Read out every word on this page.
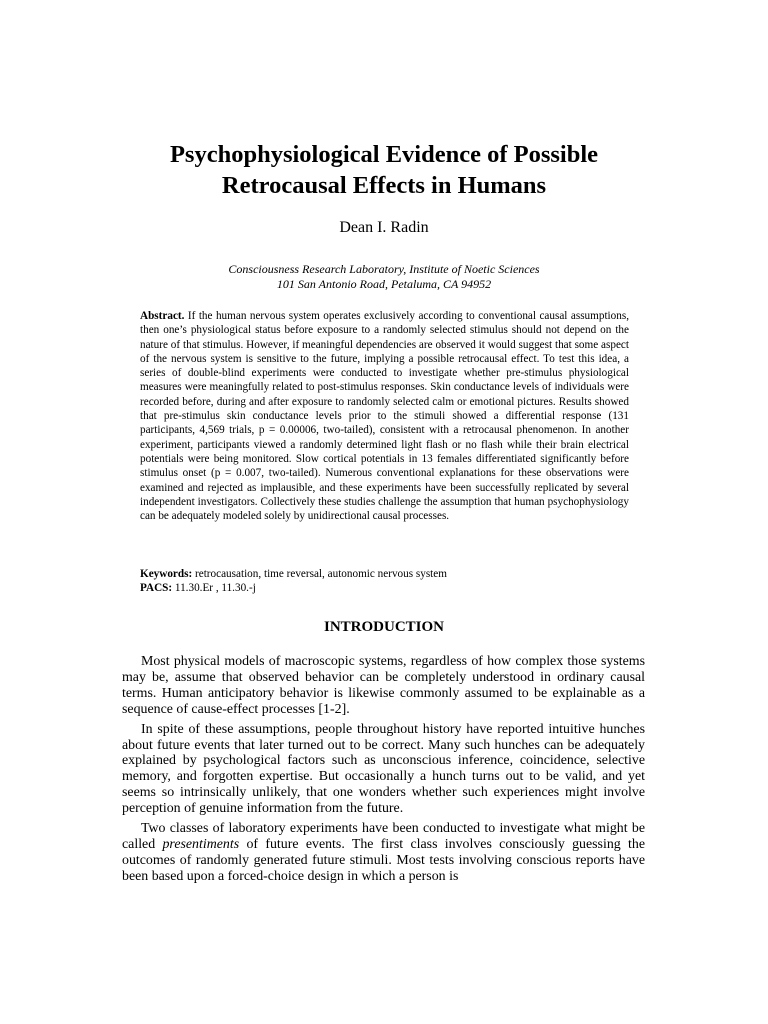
Psychophysiological Evidence of Possible
Retrocausal Effects in Humans
Dean I. Radin
Consciousness Research Laboratory, Institute of Noetic Sciences
101 San Antonio Road, Petaluma, CA 94952
Abstract. If the human nervous system operates exclusively according to conventional causal assumptions, then one’s physiological status before exposure to a randomly selected stimulus should not depend on the nature of that stimulus. However, if meaningful dependencies are observed it would suggest that some aspect of the nervous system is sensitive to the future, implying a possible retrocausal effect. To test this idea, a series of double-blind experiments were conducted to investigate whether pre-stimulus physiological measures were meaningfully related to post-stimulus responses. Skin conductance levels of individuals were recorded before, during and after exposure to randomly selected calm or emotional pictures. Results showed that pre-stimulus skin conductance levels prior to the stimuli showed a differential response (131 participants, 4,569 trials, p = 0.00006, two-tailed), consistent with a retrocausal phenomenon. In another experiment, participants viewed a randomly determined light flash or no flash while their brain electrical potentials were being monitored. Slow cortical potentials in 13 females differentiated significantly before stimulus onset (p = 0.007, two-tailed). Numerous conventional explanations for these observations were examined and rejected as implausible, and these experiments have been successfully replicated by several independent investigators. Collectively these studies challenge the assumption that human psychophysiology can be adequately modeled solely by unidirectional causal processes.
Keywords: retrocausation, time reversal, autonomic nervous system
PACS: 11.30.Er , 11.30.-j
INTRODUCTION

Most physical models of macroscopic systems, regardless of how complex those systems may be, assume that observed behavior can be completely understood in ordinary causal terms. Human anticipatory behavior is likewise commonly assumed to be explainable as a sequence of cause-effect processes [1-2].

In spite of these assumptions, people throughout history have reported intuitive hunches about future events that later turned out to be correct. Many such hunches can be adequately explained by psychological factors such as unconscious inference, coincidence, selective memory, and forgotten expertise. But occasionally a hunch turns out to be valid, and yet seems so intrinsically unlikely, that one wonders whether such experiences might involve perception of genuine information from the future.

Two classes of laboratory experiments have been conducted to investigate what might be called presentiments of future events. The first class involves consciously guessing the outcomes of randomly generated future stimuli. Most tests involving conscious reports have been based upon a forced-choice design in which a person is
